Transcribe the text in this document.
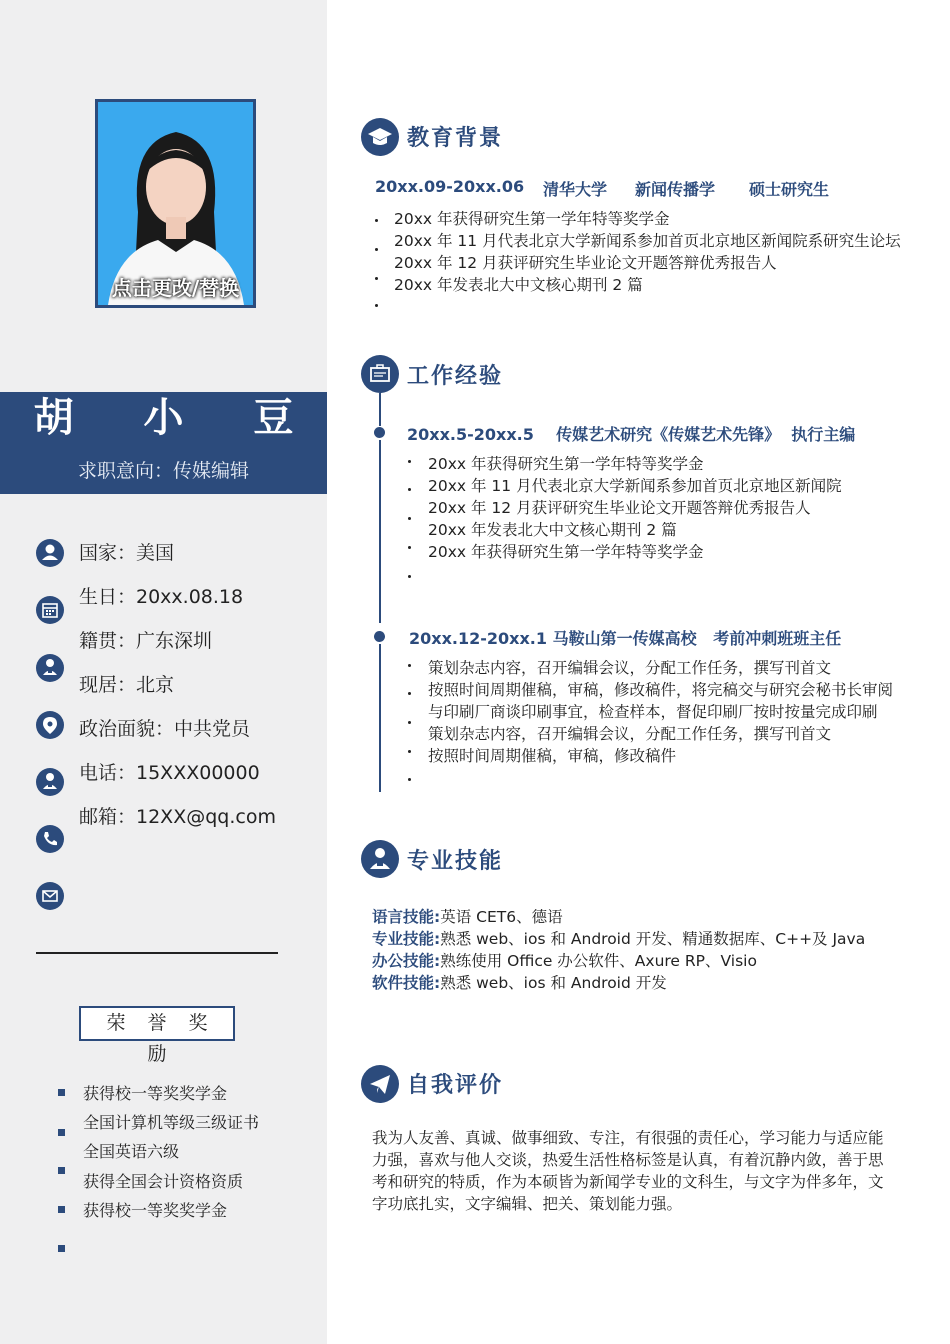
点击更改/替换
胡 小 豆
求职意向：传媒编辑
国家：美国
生日：20xx.08.18
籍贯：广东深圳
现居：北京
政治面貌：中共党员
电话：15XXX00000
邮箱：12XX@qq.com
荣 誉 奖 励
获得校一等奖奖学金
全国计算机等级三级证书
全国英语六级
获得全国会计资格资质
获得校一等奖奖学金
教育背景
20xx.09-20xx.06 清华大学 新闻传播学 硕士研究生
20xx 年获得研究生第一学年特等奖学金
20xx 年 11 月代表北京大学新闻系参加首页北京地区新闻院系研究生论坛
20xx 年 12 月获评研究生毕业论文开题答辩优秀报告人
20xx 年发表北大中文核心期刊 2 篇
工作经验
20xx.5-20xx.5    传媒艺术研究《传媒艺术先锋》  执行主编
20xx 年获得研究生第一学年特等奖学金
20xx 年 11 月代表北京大学新闻系参加首页北京地区新闻院
20xx 年 12 月获评研究生毕业论文开题答辩优秀报告人
20xx 年发表北大中文核心期刊 2 篇
20xx 年获得研究生第一学年特等奖学金
20xx.12-20xx.1 马鞍山第一传媒高校   考前冲刺班班主任
策划杂志内容，召开编辑会议，分配工作任务，撰写刊首文
按照时间周期催稿，审稿，修改稿件，将完稿交与研究会秘书长审阅
与印刷厂商谈印刷事宜，检查样本，督促印刷厂按时按量完成印刷
策划杂志内容，召开编辑会议，分配工作任务，撰写刊首文
按照时间周期催稿，审稿，修改稿件
专业技能
语言技能:英语 CET6、德语
专业技能:熟悉 web、ios 和 Android 开发、精通数据库、C++及 Java
办公技能:熟练使用 Office 办公软件、Axure RP、Visio
软件技能:熟悉 web、ios 和 Android 开发
自我评价
我为人友善、真诚、做事细致、专注，有很强的责任心，学习能力与适应能力强，喜欢与他人交谈，热爱生活性格标签是认真，有着沉静内敛，善于思考和研究的特质，作为本硕皆为新闻学专业的文科生，与文字为伴多年，文字功底扎实，文字编辑、把关、策划能力强。
